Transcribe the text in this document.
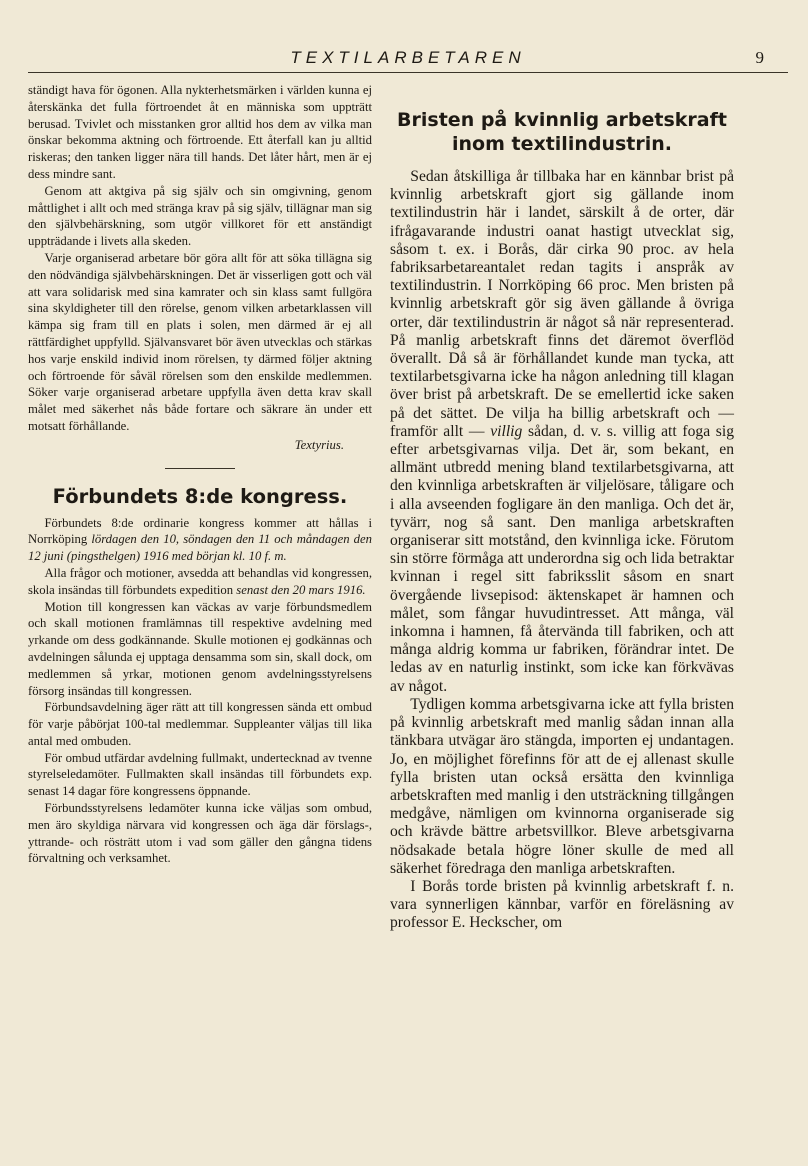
TEXTILARBETAREN	9

ständigt hava för ögonen. Alla nykterhetsmärken i världen kunna ej återskänka det fulla förtroendet åt en människa som uppträtt berusad. Tvivlet och misstanken gror alltid hos dem av vilka man önskar bekomma aktning och förtroende. Ett återfall kan ju alltid riskeras; den tanken ligger nära till hands. Det låter hårt, men är ej dess mindre sant.

Genom att aktgiva på sig själv och sin omgivning, genom måttlighet i allt och med stränga krav på sig själv, tillägnar man sig den självbehärskning, som utgör villkoret för ett anständigt uppträdande i livets alla skeden.

Varje organiserad arbetare bör göra allt för att söka tillägna sig den nödvändiga självbehärskningen. Det är visserligen gott och väl att vara solidarisk med sina kamrater och sin klass samt fullgöra sina skyldigheter till den rörelse, genom vilken arbetarklassen vill kämpa sig fram till en plats i solen, men därmed är ej all rättfärdighet uppfylld. Självansvaret bör även utvecklas och stärkas hos varje enskild individ inom rörelsen, ty därmed följer aktning och förtroende för såväl rörelsen som den enskilde medlemmen. Söker varje organiserad arbetare uppfylla även detta krav skall målet med säkerhet nås både fortare och säkrare än under ett motsatt förhållande.

Textyrius.

Förbundets 8:de kongress.

Förbundets 8:de ordinarie kongress kommer att hållas i Norrköping lördagen den 10, söndagen den 11 och måndagen den 12 juni (pingsthelgen) 1916 med början kl. 10 f. m.

Alla frågor och motioner, avsedda att behandlas vid kongressen, skola insändas till förbundets expedition senast den 20 mars 1916.

Motion till kongressen kan väckas av varje förbundsmedlem och skall motionen framlämnas till respektive avdelning med yrkande om dess godkännande. Skulle motionen ej godkännas och avdelningen sålunda ej upptaga densamma som sin, skall dock, om medlemmen så yrkar, motionen genom avdelningsstyrelsens försorg insändas till kongressen.

Förbundsavdelning äger rätt att till kongressen sända ett ombud för varje påbörjat 100-tal medlemmar. Suppleanter väljas till lika antal med ombuden.

För ombud utfärdar avdelning fullmakt, undertecknad av tvenne styrelseledamöter. Fullmakten skall insändas till förbundets exp. senast 14 dagar före kongressens öppnande.

Förbundsstyrelsens ledamöter kunna icke väljas som ombud, men äro skyldiga närvara vid kongressen och äga där förslags-, yttrande- och rösträtt utom i vad som gäller den gångna tidens förvaltning och verksamhet.

Bristen på kvinnlig arbetskraft inom textilindustrin.

Sedan åtskilliga år tillbaka har en kännbar brist på kvinnlig arbetskraft gjort sig gällande inom textilindustrin här i landet, särskilt å de orter, där ifrågavarande industri oanat hastigt utvecklat sig, såsom t. ex. i Borås, där cirka 90 proc. av hela fabriksarbetareantalet redan tagits i anspråk av textilindustrin. I Norrköping 66 proc. Men bristen på kvinnlig arbetskraft gör sig även gällande å övriga orter, där textilindustrin är något så när representerad. På manlig arbetskraft finns det däremot överflöd överallt. Då så är förhållandet kunde man tycka, att textilarbetsgivarna icke ha någon anledning till klagan över brist på arbetskraft. De se emellertid icke saken på det sättet. De vilja ha billig arbetskraft och — framför allt — villig sådan, d. v. s. villig att foga sig efter arbetsgivarnas vilja. Det är, som bekant, en allmänt utbredd mening bland textilarbetsgivarna, att den kvinnliga arbetskraften är viljelösare, tåligare och i alla avseenden fogligare än den manliga. Och det är, tyvärr, nog så sant. Den manliga arbetskraften organiserar sitt motstånd, den kvinnliga icke. Förutom sin större förmåga att underordna sig och lida betraktar kvinnan i regel sitt fabriksslit såsom en snart övergående livsepisod: äktenskapet är hamnen och målet, som fångar huvudintresset. Att många, väl inkomna i hamnen, få återvända till fabriken, och att många aldrig komma ur fabriken, förändrar intet. De ledas av en naturlig instinkt, som icke kan förkvävas av något.

Tydligen komma arbetsgivarna icke att fylla bristen på kvinnlig arbetskraft med manlig sådan innan alla tänkbara utvägar äro stängda, importen ej undantagen. Jo, en möjlighet förefinns för att de ej allenast skulle fylla bristen utan också ersätta den kvinnliga arbetskraften med manlig i den utsträckning tillgången medgåve, nämligen om kvinnorna organiserade sig och krävde bättre arbetsvillkor. Bleve arbetsgivarna nödsakade betala högre löner skulle de med all säkerhet föredraga den manliga arbetskraften.

I Borås torde bristen på kvinnlig arbetskraft f. n. vara synnerligen kännbar, varför en föreläsning av professor E. Heckscher, om
